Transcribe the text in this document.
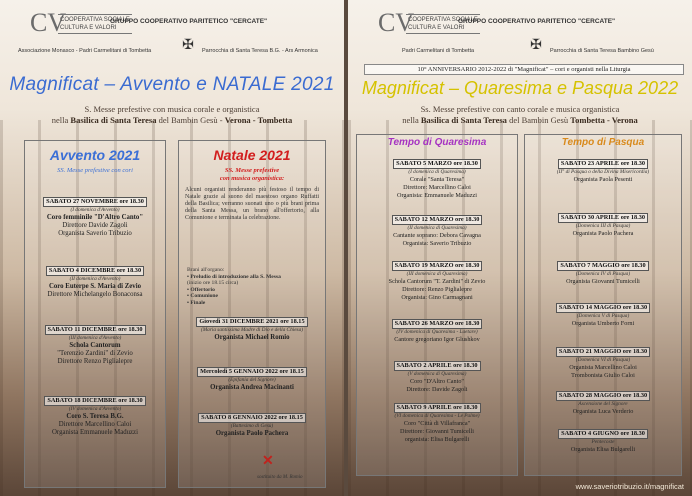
CV
COOPERATIVA SOCIALE
CULTURA E VALORI
GRUPPO COOPERATIVO PARITETICO "CERCATE"
✠
Associazione Monasco - Padri Carmelitani di Tombetta	Parrocchia di Santa Teresa B.G. - Ars Armonica
Magnificat – Avvento e NATALE 2021
S. Messe prefestive con musica corale e organistica
nella Basilica di Santa Teresa del Bambin Gesù - Verona - Tombetta
Avvento 2021
SS. Messe prefestive con cori
SABATO 27 NOVEMBRE ore 18.30
(I domenica d'Avvento)
Coro femminile "D'Altro Canto"
Direttore Davide Zagoli
Organista Saverio Tribuzio
SABATO 4 DICEMBRE ore 18.30
(II domenica d'Avvento)
Coro Euterpe S. Maria di Zevio
Direttore Michelangelo Bonaconsa
SABATO 11 DICEMBRE ore 18.30
(III domenica d'Avvento)
Schola Cantorum
"Terenzio Zardini" di Zevio
Direttore Renzo Piglialepre
SABATO 18 DICEMBRE ore 18.30
(IV domenica d'Avvento)
Coro S. Teresa B.G.
Direttore Marcellino Caloi
Organista Emmanuele Maduzzi
Natale 2021
SS. Messe prefestive
con musica organistica:
Alcuni organisti renderanno più festoso il tempo di Natale grazie al suono del maestoso organo Ruffatti della Basilica; verranno suonati uno o più brani prima della Santa Messa, un brano all'offertorio, alla Comunione e terminata la celebrazione.
Brani all'organo:
• Preludio di introduzione alla S. Messa
(inizio ore 18.15 circa)
• Offertorio
• Comunione
• Finale
Giovedì 31 DICEMBRE 2021 ore 18.15
(Maria santissima Madre di Dio e della Chiesa)
Organista Michael Romio
Mercoledì 5 GENNAIO 2022 ore 18.15
(Epifania del Signore)
Organista Andrea Macinanti
SABATO 8 GENNAIO 2022 ore 18.15
(Battesimo di Gesù)
Organista Paolo Pachera
✕
sostituito da M. Romio
CV
COOPERATIVA SOCIALE
CULTURA E VALORI
GRUPPO COOPERATIVO PARITETICO "CERCATE"
✠
Padri Carmelitani di Tombetta	Parrocchia di Santa Teresa Bambino Gesù
10° ANNIVERSARIO 2012-2022 di "Magnificat" – cori e organisti nella Liturgia
Magnificat – Quaresima e Pasqua 2022
Ss. Messe prefestive con canto corale e musica organistica
nella Basilica di Santa Teresa del Bambin Gesù Tombetta - Verona
Tempo di Quaresima
SABATO 5 MARZO ore 18.30
(I domenica di Quaresima)
Corale "Santa Teresa"
Direttore: Marcellino Caloi
Organista: Emmanuele Maduzzi
SABATO 12 MARZO ore 18.30
(II domenica di Quaresima)
Cantante soprano: Debora Cavagna
Organista: Saverio Tribuzio
SABATO 19 MARZO ore 18.30
(III domenica di Quaresima)
Schola Cantorum "T. Zardini" di Zevio
Direttore: Renzo Piglialepre
Organista: Gino Carmagnani
SABATO 26 MARZO ore 18.30
(IV domenica di Quaresima - Laetare)
Cantore gregoriano Igor Glushkov
SABATO 2 APRILE ore 18.30
(V domenica di Quaresima)
Coro "D'Altro Canto"
Direttore: Davide Zagoli
SABATO 9 APRILE ore 18.30
(VI domenica di Quaresima - Le Palme)
Coro "Città di Villafranca"
Direttore: Giovanni Tumicelli
organista: Elisa Bulgarelli
Tempo di Pasqua
SABATO 23 APRILE ore 18.30
(II° di Pasqua o della Divina Misericordia)
Organista Paola Pesenti
SABATO 30 APRILE ore 18.30
(Domenica III di Pasqua)
Organista Paolo Pachera
SABATO 7 MAGGIO ore 18.30
(Domenica IV di Pasqua)
Organista Giovanni Tumicelli
SABATO 14 MAGGIO ore 18.30
(Domenica V di Pasqua)
Organista Umberto Forni
SABATO 21 MAGGIO ore 18.30
(Domenica VI di Pasqua)
Organista Marcellino Caloi
Trombonista Giulio Caloi
SABATO 28 MAGGIO ore 18.30
Ascensione del Signore
Organista Luca Verderio
SABATO 4 GIUGNO ore 18.30
Pentecoste
Organista Elisa Bulgarelli
www.saveriotribuzio.it/magnificat
